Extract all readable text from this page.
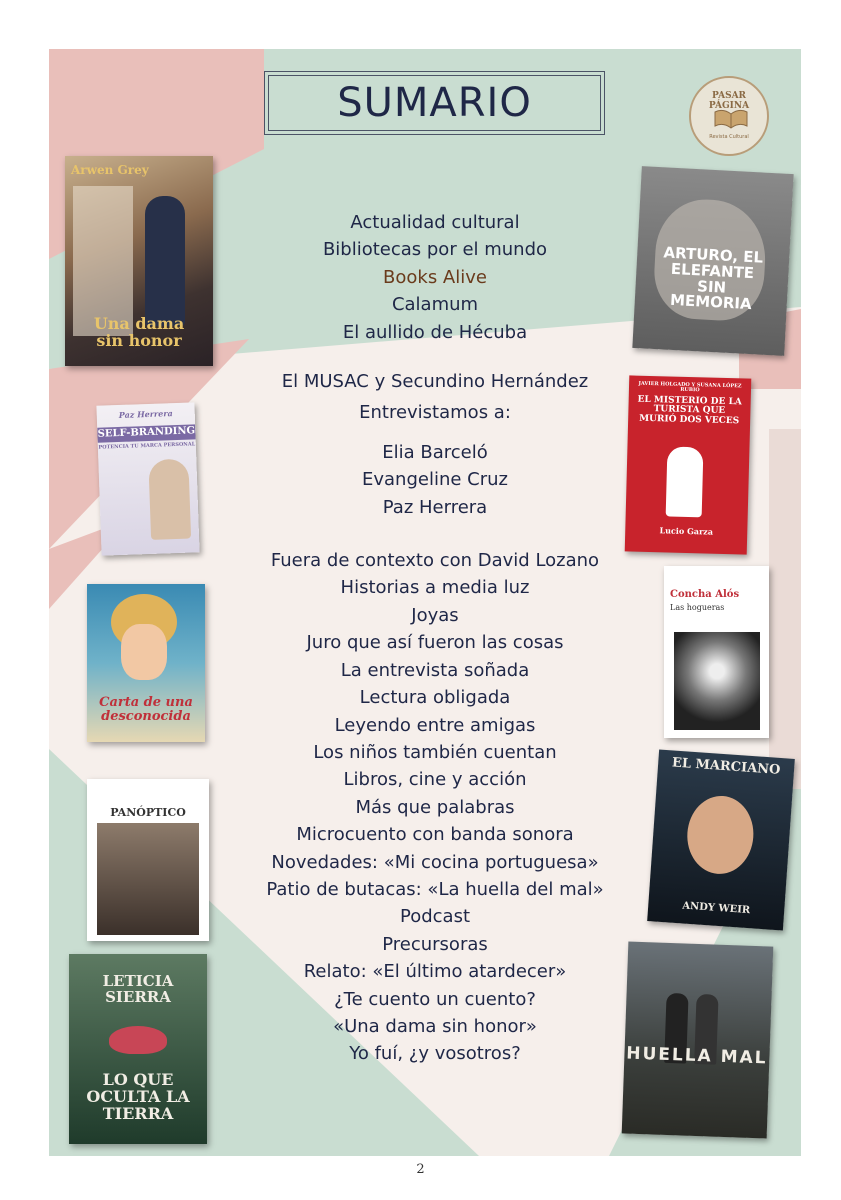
SUMARIO	PASAR PÁGINA
Revista Cultural
Arwen Grey
Una dama sin honor
Paz Herrera
SELF-BRANDING
POTENCIA TU MARCA PERSONAL
Carta de una desconocida
PANÓPTICO
LETICIA SIERRA
LO QUE OCULTA LA TIERRA
ARTURO, EL ELEFANTE SIN MEMORIA
JAVIER HOLGADO Y SUSANA LÓPEZ RUBIO
EL MISTERIO DE LA TURISTA QUE MURIÓ DOS VECES
Lucio Garza
Concha Alós
Las hogueras
EL MARCIANO
ANDY WEIR
HUELLA MAL
Actualidad cultural
Bibliotecas por el mundo
Books Alive
Calamum
El aullido de Hécuba
El MUSAC y Secundino Hernández
Entrevistamos a:
Elia Barceló
Evangeline Cruz
Paz Herrera
Fuera de contexto con David Lozano
Historias a media luz
Joyas
Juro que así fueron las cosas
La entrevista soñada
Lectura obligada
Leyendo entre amigas
Los niños también cuentan
Libros, cine y acción
Más que palabras
Microcuento con banda sonora
Novedades: «Mi cocina portuguesa»
Patio de butacas: «La huella del mal»
Podcast
Precursoras
Relato: «El último atardecer»
¿Te cuento un cuento?
«Una dama sin honor»
Yo fuí, ¿y vosotros?
2
